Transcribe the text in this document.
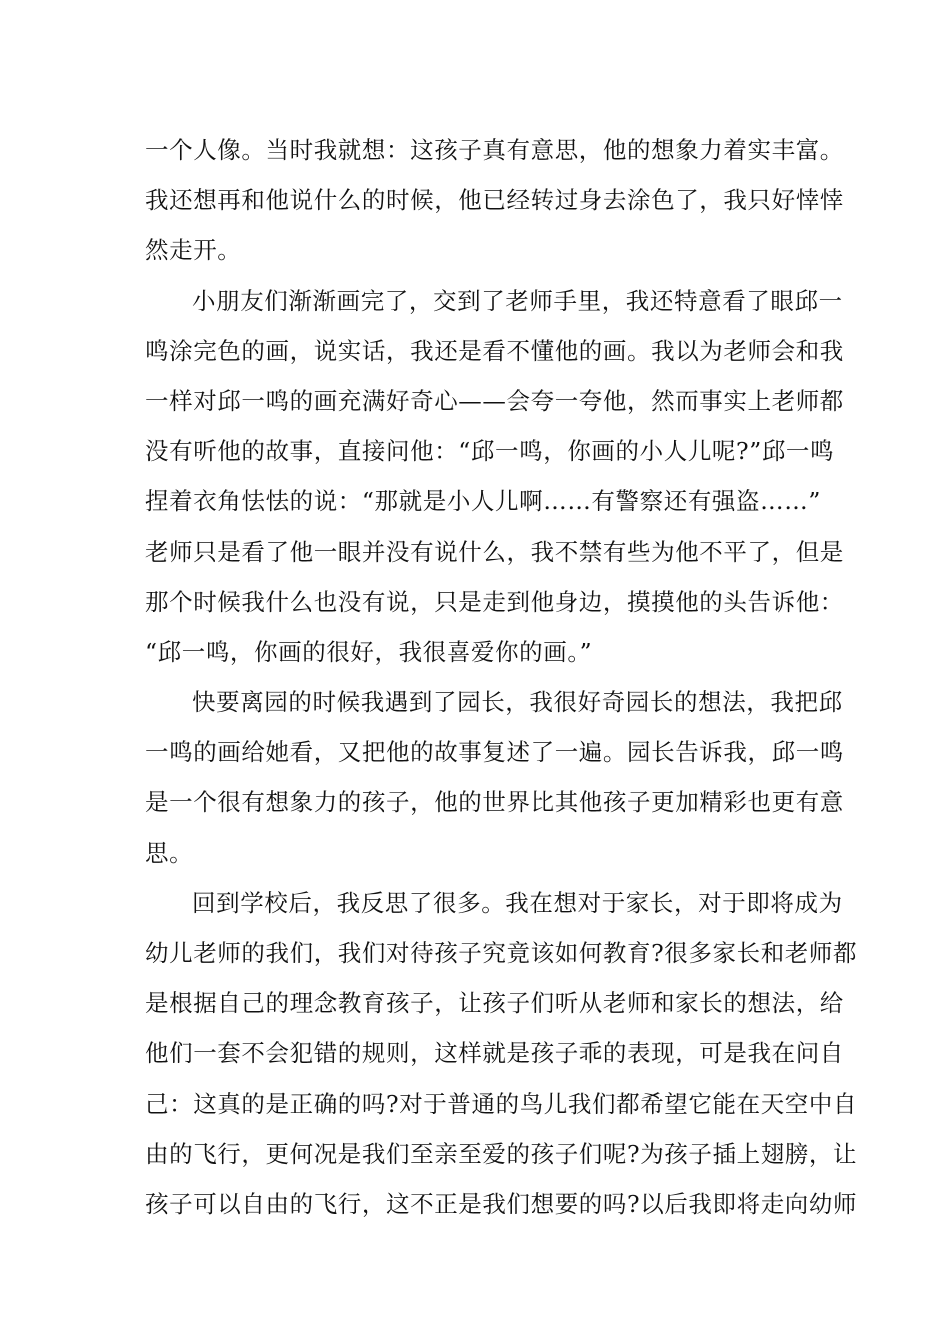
一个人像。当时我就想：这孩子真有意思，他的想象力着实丰富。
我还想再和他说什么的时候，他已经转过身去涂色了，我只好悻悻
然走开。
小朋友们渐渐画完了，交到了老师手里，我还特意看了眼邱一
鸣涂完色的画，说实话，我还是看不懂他的画。我以为老师会和我
一样对邱一鸣的画充满好奇心——会夸一夸他，然而事实上老师都
没有听他的故事，直接问他：“邱一鸣，你画的小人儿呢?”邱一鸣
捏着衣角怯怯的说：“那就是小人儿啊……有警察还有强盗……”
老师只是看了他一眼并没有说什么，我不禁有些为他不平了，但是
那个时候我什么也没有说，只是走到他身边，摸摸他的头告诉他：
“邱一鸣，你画的很好，我很喜爱你的画。”
快要离园的时候我遇到了园长，我很好奇园长的想法，我把邱
一鸣的画给她看，又把他的故事复述了一遍。园长告诉我，邱一鸣
是一个很有想象力的孩子，他的世界比其他孩子更加精彩也更有意
思。
回到学校后，我反思了很多。我在想对于家长，对于即将成为
幼儿老师的我们，我们对待孩子究竟该如何教育?很多家长和老师都
是根据自己的理念教育孩子，让孩子们听从老师和家长的想法，给
他们一套不会犯错的规则，这样就是孩子乖的表现，可是我在问自
己：这真的是正确的吗?对于普通的鸟儿我们都希望它能在天空中自
由的飞行，更何况是我们至亲至爱的孩子们呢?为孩子插上翅膀，让
孩子可以自由的飞行，这不正是我们想要的吗?以后我即将走向幼师
